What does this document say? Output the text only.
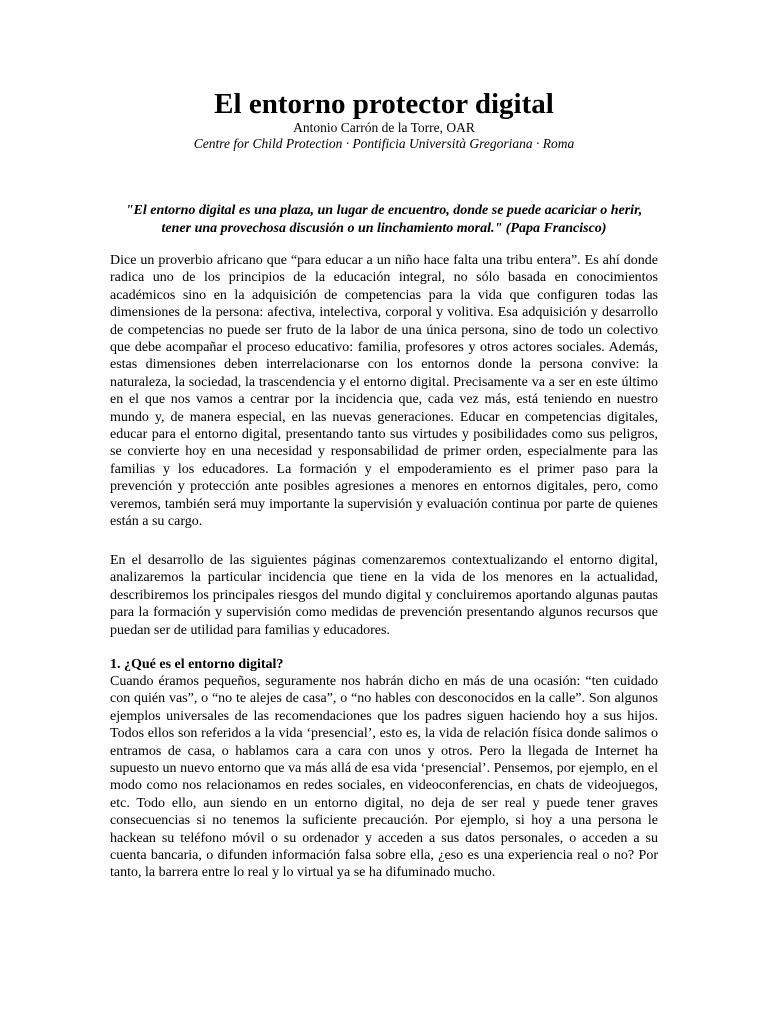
El entorno protector digital
Antonio Carrón de la Torre, OAR
Centre for Child Protection · Pontificia Università Gregoriana · Roma
"El entorno digital es una plaza, un lugar de encuentro, donde se puede acariciar o herir, tener una provechosa discusión o un linchamiento moral." (Papa Francisco)

Dice un proverbio africano que “para educar a un niño hace falta una tribu entera”. Es ahí donde radica uno de los principios de la educación integral, no sólo basada en conocimientos académicos sino en la adquisición de competencias para la vida que configuren todas las dimensiones de la persona: afectiva, intelectiva, corporal y volitiva. Esa adquisición y desarrollo de competencias no puede ser fruto de la labor de una única persona, sino de todo un colectivo que debe acompañar el proceso educativo: familia, profesores y otros actores sociales. Además, estas dimensiones deben interrelacionarse con los entornos donde la persona convive: la naturaleza, la sociedad, la trascendencia y el entorno digital. Precisamente va a ser en este último en el que nos vamos a centrar por la incidencia que, cada vez más, está teniendo en nuestro mundo y, de manera especial, en las nuevas generaciones. Educar en competencias digitales, educar para el entorno digital, presentando tanto sus virtudes y posibilidades como sus peligros, se convierte hoy en una necesidad y responsabilidad de primer orden, especialmente para las familias y los educadores. La formación y el empoderamiento es el primer paso para la prevención y protección ante posibles agresiones a menores en entornos digitales, pero, como veremos, también será muy importante la supervisión y evaluación continua por parte de quienes están a su cargo.

En el desarrollo de las siguientes páginas comenzaremos contextualizando el entorno digital, analizaremos la particular incidencia que tiene en la vida de los menores en la actualidad, describiremos los principales riesgos del mundo digital y concluiremos aportando algunas pautas para la formación y supervisión como medidas de prevención presentando algunos recursos que puedan ser de utilidad para familias y educadores.

1. ¿Qué es el entorno digital?

Cuando éramos pequeños, seguramente nos habrán dicho en más de una ocasión: “ten cuidado con quién vas”, o “no te alejes de casa”, o “no hables con desconocidos en la calle”. Son algunos ejemplos universales de las recomendaciones que los padres siguen haciendo hoy a sus hijos. Todos ellos son referidos a la vida ‘presencial’, esto es, la vida de relación física donde salimos o entramos de casa, o hablamos cara a cara con unos y otros. Pero la llegada de Internet ha supuesto un nuevo entorno que va más allá de esa vida ‘presencial’. Pensemos, por ejemplo, en el modo como nos relacionamos en redes sociales, en videoconferencias, en chats de videojuegos, etc. Todo ello, aun siendo en un entorno digital, no deja de ser real y puede tener graves consecuencias si no tenemos la suficiente precaución. Por ejemplo, si hoy a una persona le hackean su teléfono móvil o su ordenador y acceden a sus datos personales, o acceden a su cuenta bancaria, o difunden información falsa sobre ella, ¿eso es una experiencia real o no? Por tanto, la barrera entre lo real y lo virtual ya se ha difuminado mucho.
